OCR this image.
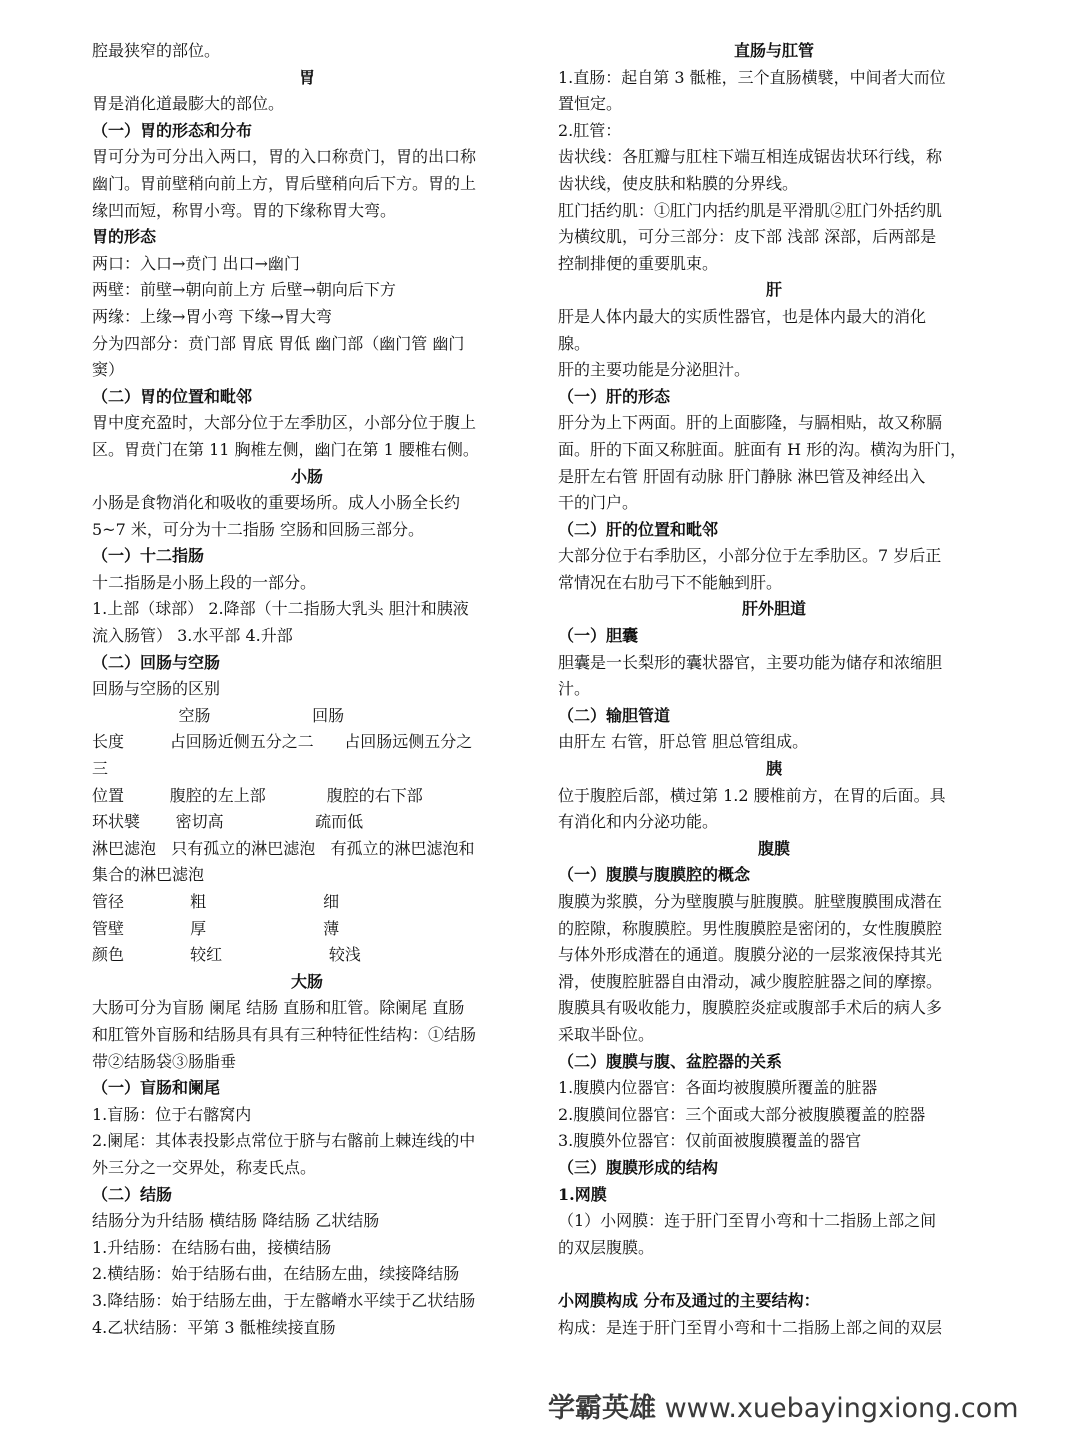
腔最狭窄的部位。
胃
胃是消化道最膨大的部位。
（一）胃的形态和分布
胃可分为可分出入两口，胃的入口称贲门，胃的出口称
幽门。胃前壁稍向前上方，胃后壁稍向后下方。胃的上
缘凹而短，称胃小弯。胃的下缘称胃大弯。
胃的形态
两口：入口→贲门 出口→幽门
两壁：前壁→朝向前上方 后壁→朝向后下方
两缘：上缘→胃小弯 下缘→胃大弯
分为四部分：贲门部 胃底 胃低 幽门部（幽门管 幽门
窦）
（二）胃的位置和毗邻
胃中度充盈时，大部分位于左季肋区，小部分位于腹上
区。胃贲门在第 11 胸椎左侧，幽门在第 1 腰椎右侧。
小肠
小肠是食物消化和吸收的重要场所。成人小肠全长约
5~7 米，可分为十二指肠 空肠和回肠三部分。
（一）十二指肠
十二指肠是小肠上段的一部分。
1.上部（球部） 2.降部（十二指肠大乳头 胆汁和胰液
流入肠管） 3.水平部 4.升部
（二）回肠与空肠
回肠与空肠的区别
空肠                    回肠
长度         占回肠近侧五分之二      占回肠远侧五分之
三
位置         腹腔的左上部            腹腔的右下部
环状襞       密切高                  疏而低
淋巴滤泡   只有孤立的淋巴滤泡   有孤立的淋巴滤泡和
集合的淋巴滤泡
管径             粗                       细
管壁             厚                       薄
颜色             较红                     较浅
大肠
大肠可分为盲肠 阑尾 结肠 直肠和肛管。除阑尾 直肠
和肛管外盲肠和结肠具有具有三种特征性结构：①结肠
带②结肠袋③肠脂垂
（一）盲肠和阑尾
1.盲肠：位于右髂窝内
2.阑尾：其体表投影点常位于脐与右髂前上棘连线的中
外三分之一交界处，称麦氏点。
（二）结肠
结肠分为升结肠 横结肠 降结肠 乙状结肠
1.升结肠：在结肠右曲，接横结肠
2.横结肠：始于结肠右曲，在结肠左曲，续接降结肠
3.降结肠：始于结肠左曲，于左髂嵴水平续于乙状结肠
4.乙状结肠：平第 3 骶椎续接直肠
直肠与肛管
1.直肠：起自第 3 骶椎，三个直肠横襞，中间者大而位
置恒定。
2.肛管：
齿状线：各肛瓣与肛柱下端互相连成锯齿状环行线，称
齿状线，使皮肤和粘膜的分界线。
肛门括约肌：①肛门内括约肌是平滑肌②肛门外括约肌
为横纹肌，可分三部分：皮下部 浅部 深部，后两部是
控制排便的重要肌束。
肝
肝是人体内最大的实质性器官，也是体内最大的消化
腺。
肝的主要功能是分泌胆汁。
（一）肝的形态
肝分为上下两面。肝的上面膨隆，与膈相贴，故又称膈
面。肝的下面又称脏面。脏面有 H 形的沟。横沟为肝门，
是肝左右管 肝固有动脉 肝门静脉 淋巴管及神经出入
干的门户。
（二）肝的位置和毗邻
大部分位于右季肋区，小部分位于左季肋区。7 岁后正
常情况在右肋弓下不能触到肝。
肝外胆道
（一）胆囊
胆囊是一长梨形的囊状器官，主要功能为储存和浓缩胆
汁。
（二）输胆管道
由肝左 右管，肝总管 胆总管组成。
胰
位于腹腔后部，横过第 1.2 腰椎前方，在胃的后面。具
有消化和内分泌功能。
腹膜
（一）腹膜与腹膜腔的概念
腹膜为浆膜，分为壁腹膜与脏腹膜。脏壁腹膜围成潜在
的腔隙，称腹膜腔。男性腹膜腔是密闭的，女性腹膜腔
与体外形成潜在的通道。腹膜分泌的一层浆液保持其光
滑，使腹腔脏器自由滑动，减少腹腔脏器之间的摩擦。
腹膜具有吸收能力，腹膜腔炎症或腹部手术后的病人多
采取半卧位。
（二）腹膜与腹、盆腔器的关系
1.腹膜内位器官：各面均被腹膜所覆盖的脏器
2.腹膜间位器官：三个面或大部分被腹膜覆盖的腔器
3.腹膜外位器官：仅前面被腹膜覆盖的器官
（三）腹膜形成的结构
1.网膜
（1）小网膜：连于肝门至胃小弯和十二指肠上部之间
的双层腹膜。
小网膜构成 分布及通过的主要结构：
构成：是连于肝门至胃小弯和十二指肠上部之间的双层
学霸英雄 www.xuebayingxiong.com
